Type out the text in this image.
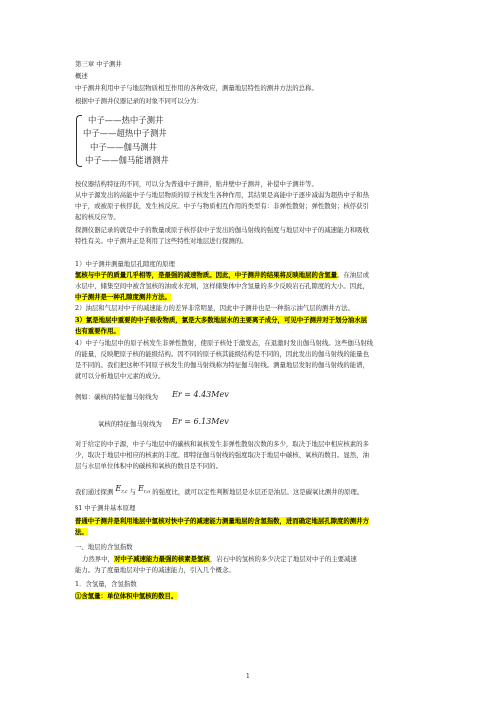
第三章 中子测井
概述
中子测井利用中子与地层物质相互作用的各种效应，测量地层特性的测井方法的总称。
根据中子测井仪器记录的对象不同可以分为：
中子——热中子测井
中子——超热中子测井
中子——伽马测井
中子——伽马能谱测井
按仪器结构特征的不同，可以分为普通中子测井，贴井壁中子测井，补偿中子测井等。
从中子源发出的高能中子与地层物质的原子核发生各种作用，其结果是高能中子逐步减弱为超热中子和热
中子，或被原子核俘获，发生核反应。中子与物质相互作用的类型有：非弹性散射；弹性散射；核俘获引
起的核反应等。
探测仪器记录的就是中子的数量或原子核俘获中子发出的伽马射线的强度与地层对中子的减速能力和吸收
特性有关。中子测井正是利用了这些特性对地层进行探测的。
1）中子测井测量地层孔隙度的原理
氢核与中子的质量几乎相等，是最强的减速物质。因此，中子测井的结果将反映地层的含氢量。在油层或
水层中，储集空间中被含氢核的油或水充填，这样储集体中含氢量的多少反映岩石孔隙度的大小。因此，
中子测井是一种孔隙度测井方法。
2）油层和气层对中子的减速能力的差异非常明显，因此中子测井也是一种指示油气层的测井方法。
3）氯是地层中重要的中子吸收物质，氯是大多数地层水的主要离子成分，可见中子测井对于划分油水层
也有重要作用。
4）中子与地层中的原子核发生非弹性散射，使原子核处于激发态，在退激时发出伽马射线。这些伽马射线
的能量，反映靶原子核的能级结构。因不同的原子核其能级结构是不同的，因此发出的伽马射线的能量也
是不同的。我们把这种不同原子核发生的伽马射线称为特征伽马射线。测量地层发射的伽马射线的能谱，
就可以分析地层中元素的成分。
例如：碳核的特征伽马射线为 Er = 4.43Mev
氧核的特征伽马射线为 Er = 6.13Mev
对于给定的中子源，中子与地层中的碳核和氧核发生非弹性散射次数的多少，取决于地层中相应核素的多
少，取决于地层中相应的核素的丰度。即特征伽马射线的强度取决于地层中碳核、氧核的数目。显然，油
层与水层单位体积中的碳核和氧核的数目是不同的。
我们通过探测 $E_{r,c}$ 与 $E_{r,o}$ 的强度比，就可以定性判断地层是水层还是油层。这是碳氧比测井的原理。
§1 中子测井基本原理
普通中子测井是利用地层中氢核对快中子的减速能力测量地层的含氢指数，进而确定地层孔隙度的测井方
法。
一、地层的含氢指数
力然界中，对中子减速能力最强的核素是氢核，岩石中的氢核的多少决定了地层对中子的主要减速
能力。为了度量地层对中子的减速能力，引入几个概念。
1．含氢量，含氢指数
①含氢量：单位体积中氢核的数目。
1
